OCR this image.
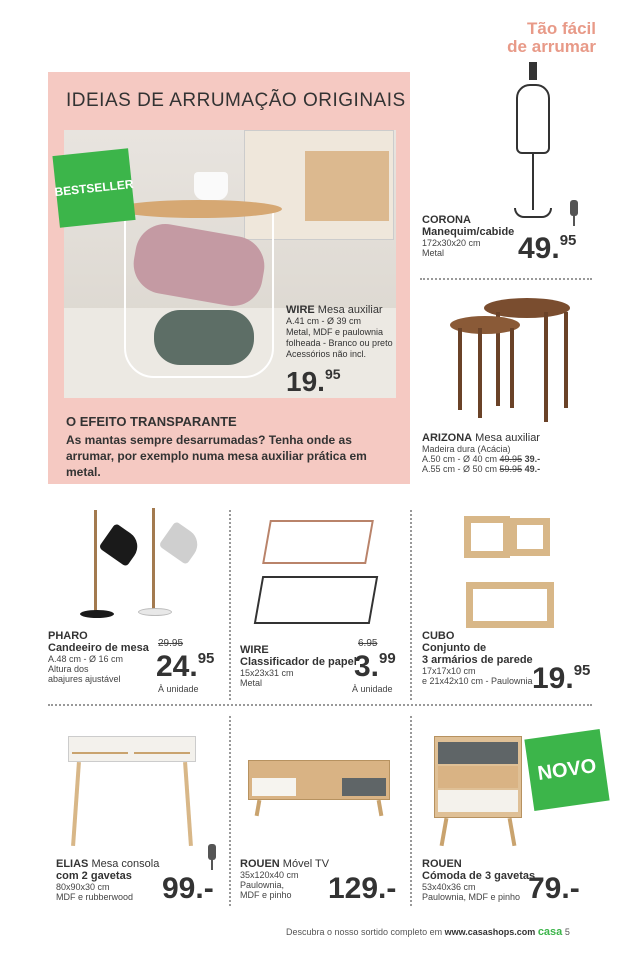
Tão fácil
de arrumar
IDEIAS DE ARRUMAÇÃO ORIGINAIS
WIRE Mesa auxiliar
A.41 cm - Ø 39 cm
Metal, MDF e paulownia
folheada - Branco ou preto
Acessórios não incl.
19.95
O EFEITO TRANSPARANTE
As mantas sempre desarrumadas? Tenha onde as arrumar, por exemplo numa mesa auxiliar prática em metal.
BESTSELLER
CORONA
Manequim/cabide
172x30x20 cm
Metal	49.95
ARIZONA Mesa auxiliar
Madeira dura (Acácia)
A.50 cm - Ø 40 cm 49.95 39.-
A.55 cm - Ø 50 cm 59.95 49.-
PHARO
Candeeiro de mesa
A.48 cm - Ø 16 cm
Altura dos
abajures ajustável
29.95
24.95
À unidade
WIRE
Classificador de papel
15x23x31 cm
Metal
6.95
3.99
À unidade
CUBO
Conjunto de
3 armários de parede
17x17x10 cm
e 21x42x10 cm - Paulownia 19.95
ELIAS Mesa consola
com 2 gavetas
80x90x30 cm
MDF e rubberwood 99.-
ROUEN Móvel TV
35x120x40 cm
Paulownia,
MDF e pinho	129.-
NOVO
ROUEN
Cómoda de 3 gavetas
53x40x36 cm
Paulownia, MDF e pinho 79.-
Descubra o nosso sortido completo em www.casashops.com casa 5
